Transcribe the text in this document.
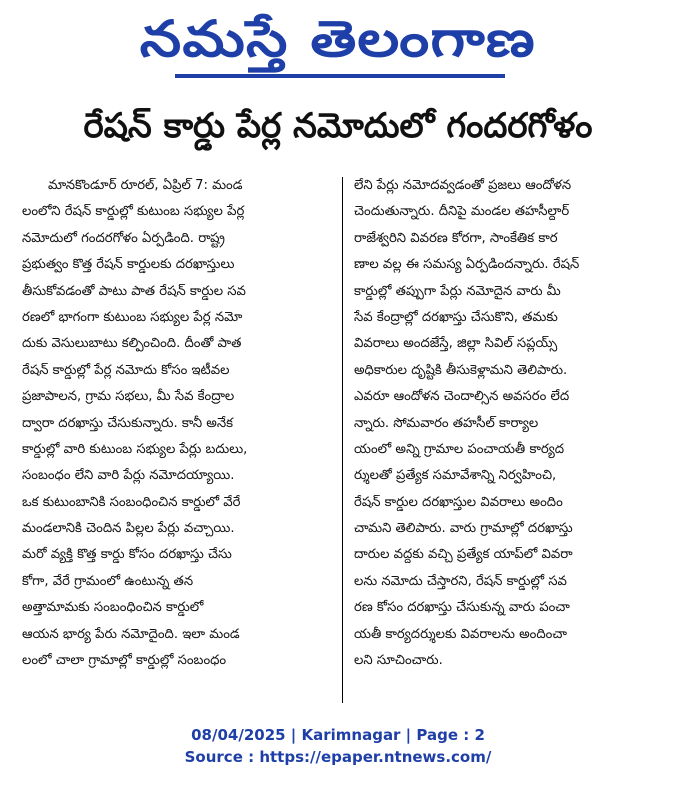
నమస్తే తెలంగాణ
రేషన్ కార్డు పేర్ల నమోదులో గందరగోళం
మానకొండూర్ రూరల్, ఏప్రిల్ 7: మండ
లంలోని రేషన్ కార్డుల్లో కుటుంబ సభ్యుల పేర్ల
నమోదులో గందరగోళం ఏర్పడింది. రాష్ట్ర
ప్రభుత్వం కొత్త రేషన్ కార్డులకు దరఖాస్తులు
తీసుకోవడంతో పాటు పాత రేషన్ కార్డుల సవ
రణలో భాగంగా కుటుంబ సభ్యుల పేర్ల నమో
దుకు వెసులుబాటు కల్పించింది. దీంతో పాత
రేషన్ కార్డుల్లో పేర్ల నమోదు కోసం ఇటీవల
ప్రజాపాలన, గ్రామ సభలు, మీ సేవ కేంద్రాల
ద్వారా దరఖాస్తు చేసుకున్నారు. కానీ అనేక
కార్డుల్లో వారి కుటుంబ సభ్యుల పేర్లు బదులు,
సంబంధం లేని వారి పేర్లు నమోదయ్యాయి.
ఒక కుటుంబానికి సంబంధించిన కార్డులో వేరే
మండలానికి చెందిన పిల్లల పేర్లు వచ్చాయి.
మరో వ్యక్తి కొత్త కార్డు కోసం దరఖాస్తు చేసు
కోగా, వేరే గ్రామంలో ఉంటున్న తన
అత్తామామకు సంబంధించిన కార్డులో
ఆయన భార్య పేరు నమోదైంది. ఇలా మండ
లంలో చాలా గ్రామాల్లో కార్డుల్లో సంబంధం
లేని పేర్లు నమోదవ్వడంతో ప్రజలు ఆందోళన
చెందుతున్నారు. దీనిపై మండల తహసీల్దార్
రాజేశ్వరిని వివరణ కోరగా, సాంకేతిక కార
ణాల వల్ల ఈ సమస్య ఏర్పడిందన్నారు. రేషన్
కార్డుల్లో తప్పుగా పేర్లు నమోదైన వారు మీ
సేవ కేంద్రాల్లో దరఖాస్తు చేసుకొని, తమకు
వివరాలు అందజేస్తే, జిల్లా సివిల్ సప్లయ్స్
అధికారుల దృష్టికి తీసుకెళ్లామని తెలిపారు.
ఎవరూ ఆందోళన చెందాల్సిన అవసరం లేద
న్నారు. సోమవారం తహసీల్ కార్యాల
యంలో అన్ని గ్రామాల పంచాయతీ కార్యద
ర్శులతో ప్రత్యేక సమావేశాన్ని నిర్వహించి,
రేషన్ కార్డుల దరఖాస్తుల వివరాలు అందిం
చామని తెలిపారు. వారు గ్రామాల్లో దరఖాస్తు
దారుల వద్దకు వచ్చి ప్రత్యేక యాప్‌లో వివరా
లను నమోదు చేస్తారని, రేషన్ కార్డుల్లో సవ
రణ కోసం దరఖాస్తు చేసుకున్న వారు పంచా
యతీ కార్యదర్శులకు వివరాలను అందించా
లని సూచించారు.
08/04/2025 | Karimnagar | Page : 2
Source : https://epaper.ntnews.com/
